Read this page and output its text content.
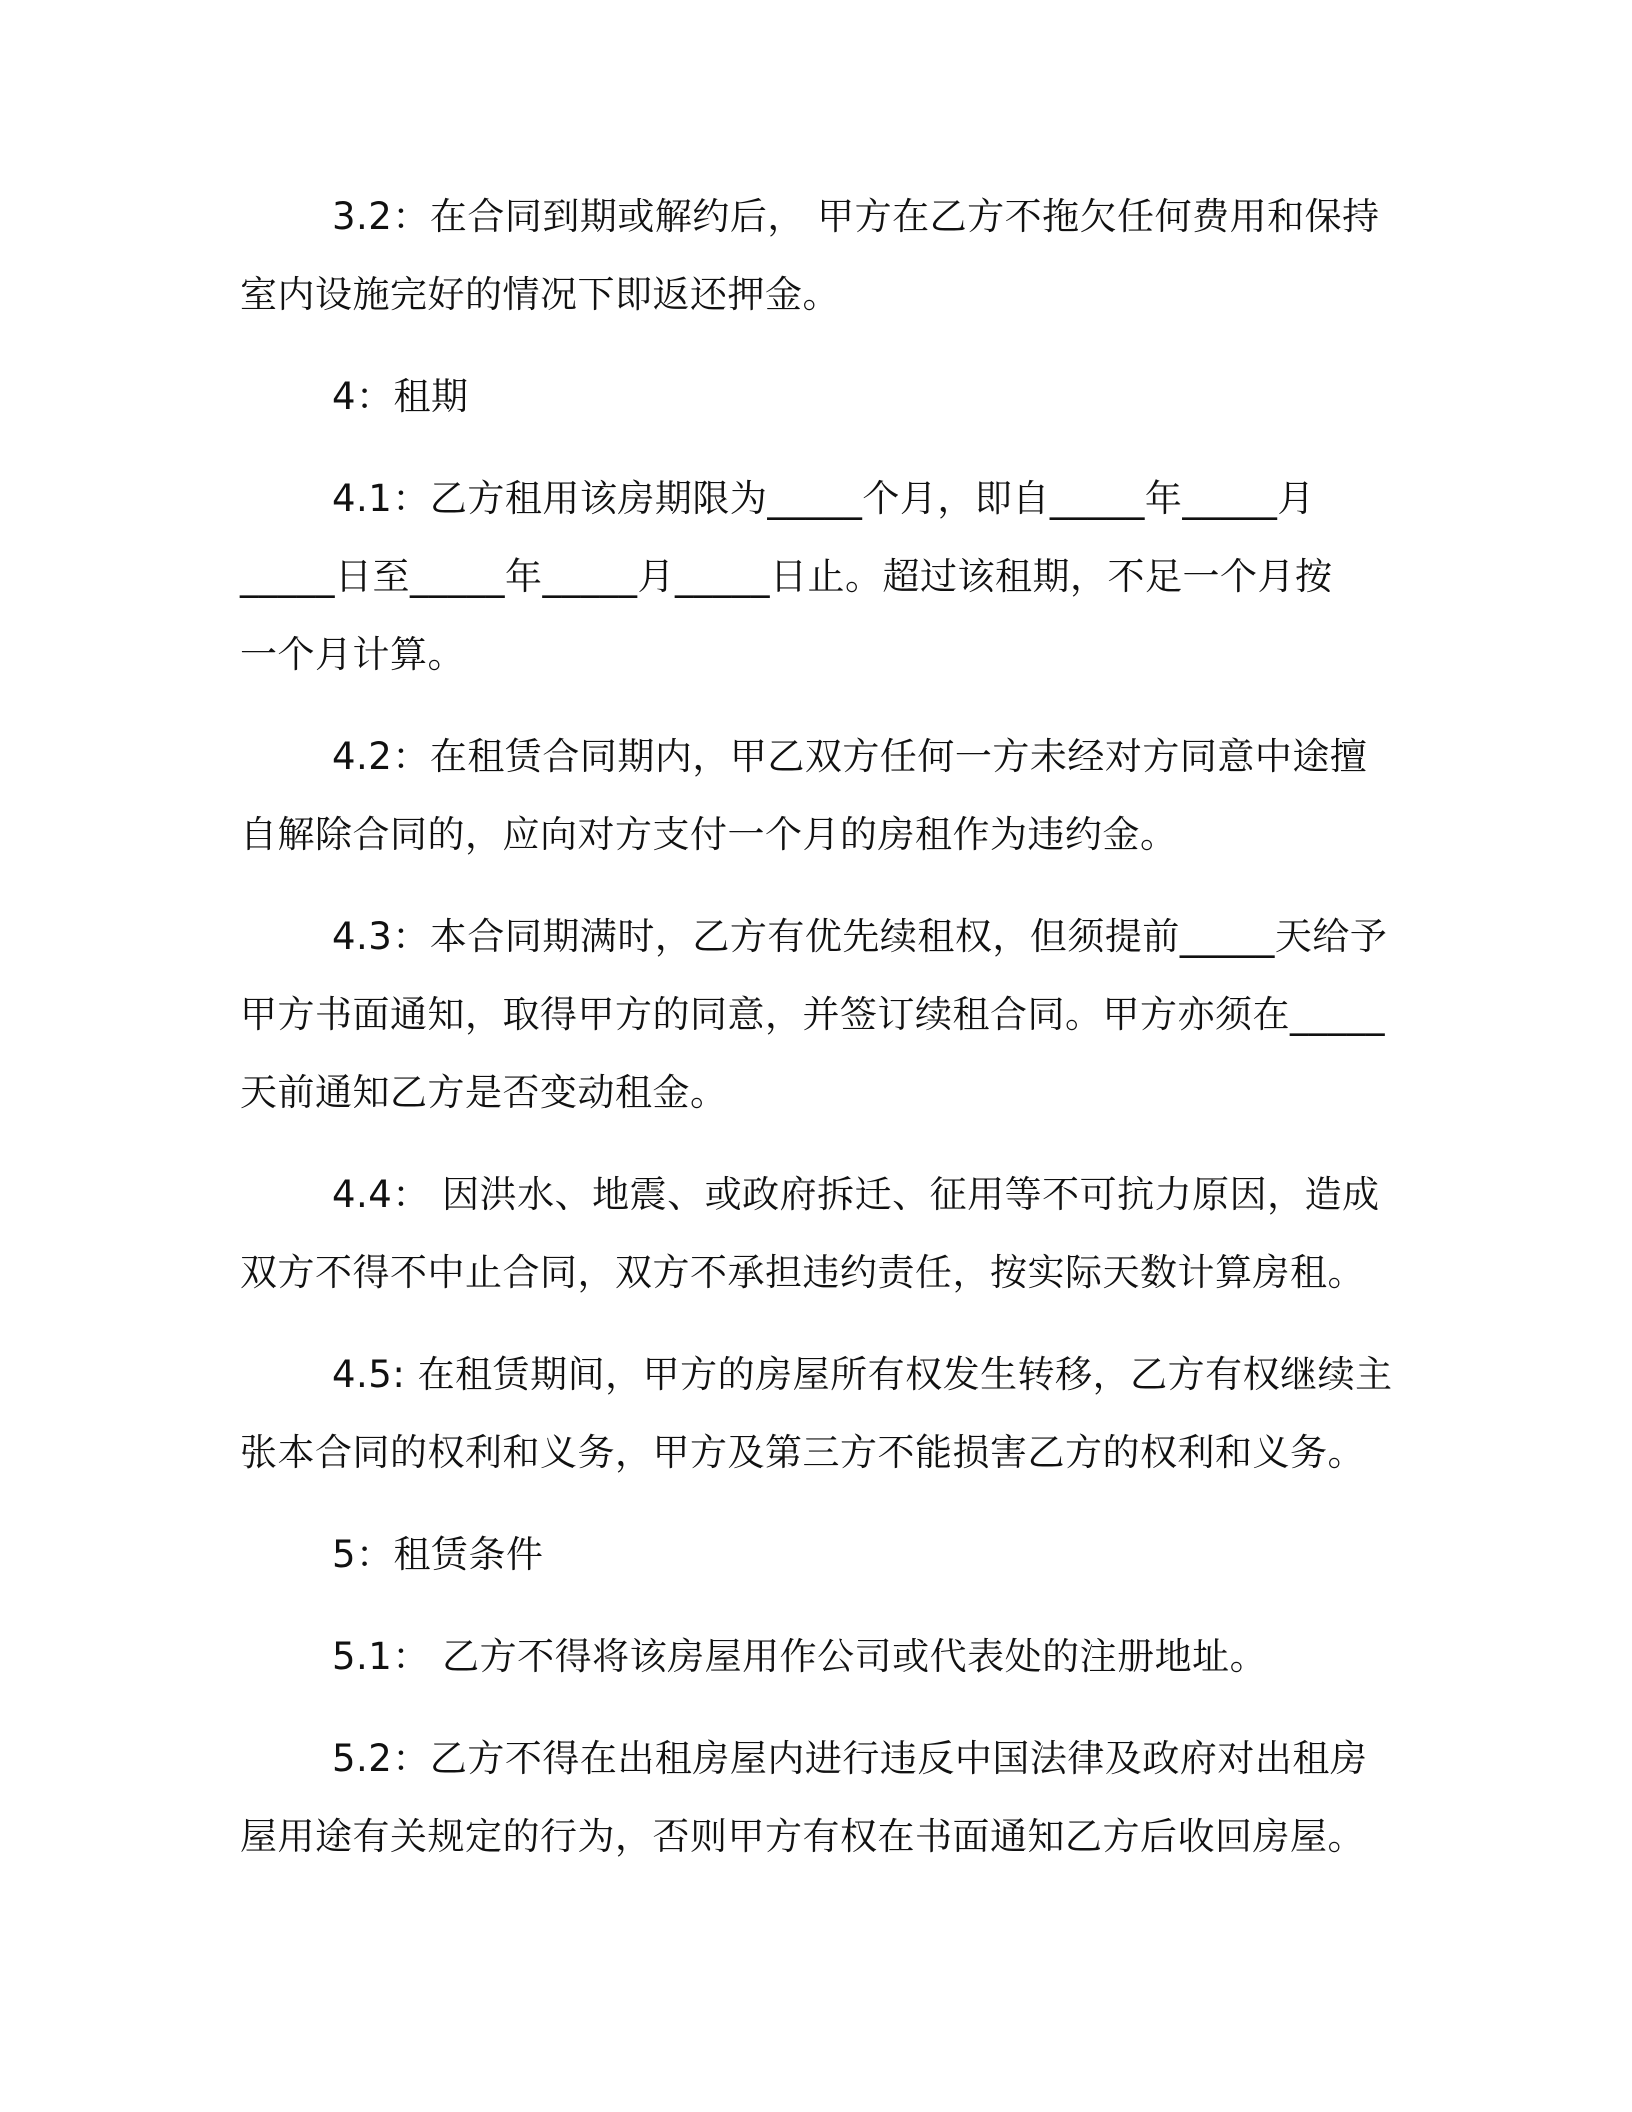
3.2：在合同到期或解约后， 甲方在乙方不拖欠任何费用和保持
室内设施完好的情况下即返还押金。
4：租期
4.1：乙方租用该房期限为_____个月，即自_____年_____月
_____日至_____年_____月_____日止。超过该租期，不足一个月按
一个月计算。
4.2：在租赁合同期内，甲乙双方任何一方未经对方同意中途擅
自解除合同的，应向对方支付一个月的房租作为违约金。
4.3：本合同期满时，乙方有优先续租权，但须提前_____天给予
甲方书面通知，取得甲方的同意，并签订续租合同。甲方亦须在_____
天前通知乙方是否变动租金。
4.4： 因洪水、地震、或政府拆迁、征用等不可抗力原因，造成
双方不得不中止合同，双方不承担违约责任，按实际天数计算房租。
4.5: 在租赁期间，甲方的房屋所有权发生转移，乙方有权继续主
张本合同的权利和义务，甲方及第三方不能损害乙方的权利和义务。
5：租赁条件
5.1： 乙方不得将该房屋用作公司或代表处的注册地址。
5.2：乙方不得在出租房屋内进行违反中国法律及政府对出租房
屋用途有关规定的行为，否则甲方有权在书面通知乙方后收回房屋。
